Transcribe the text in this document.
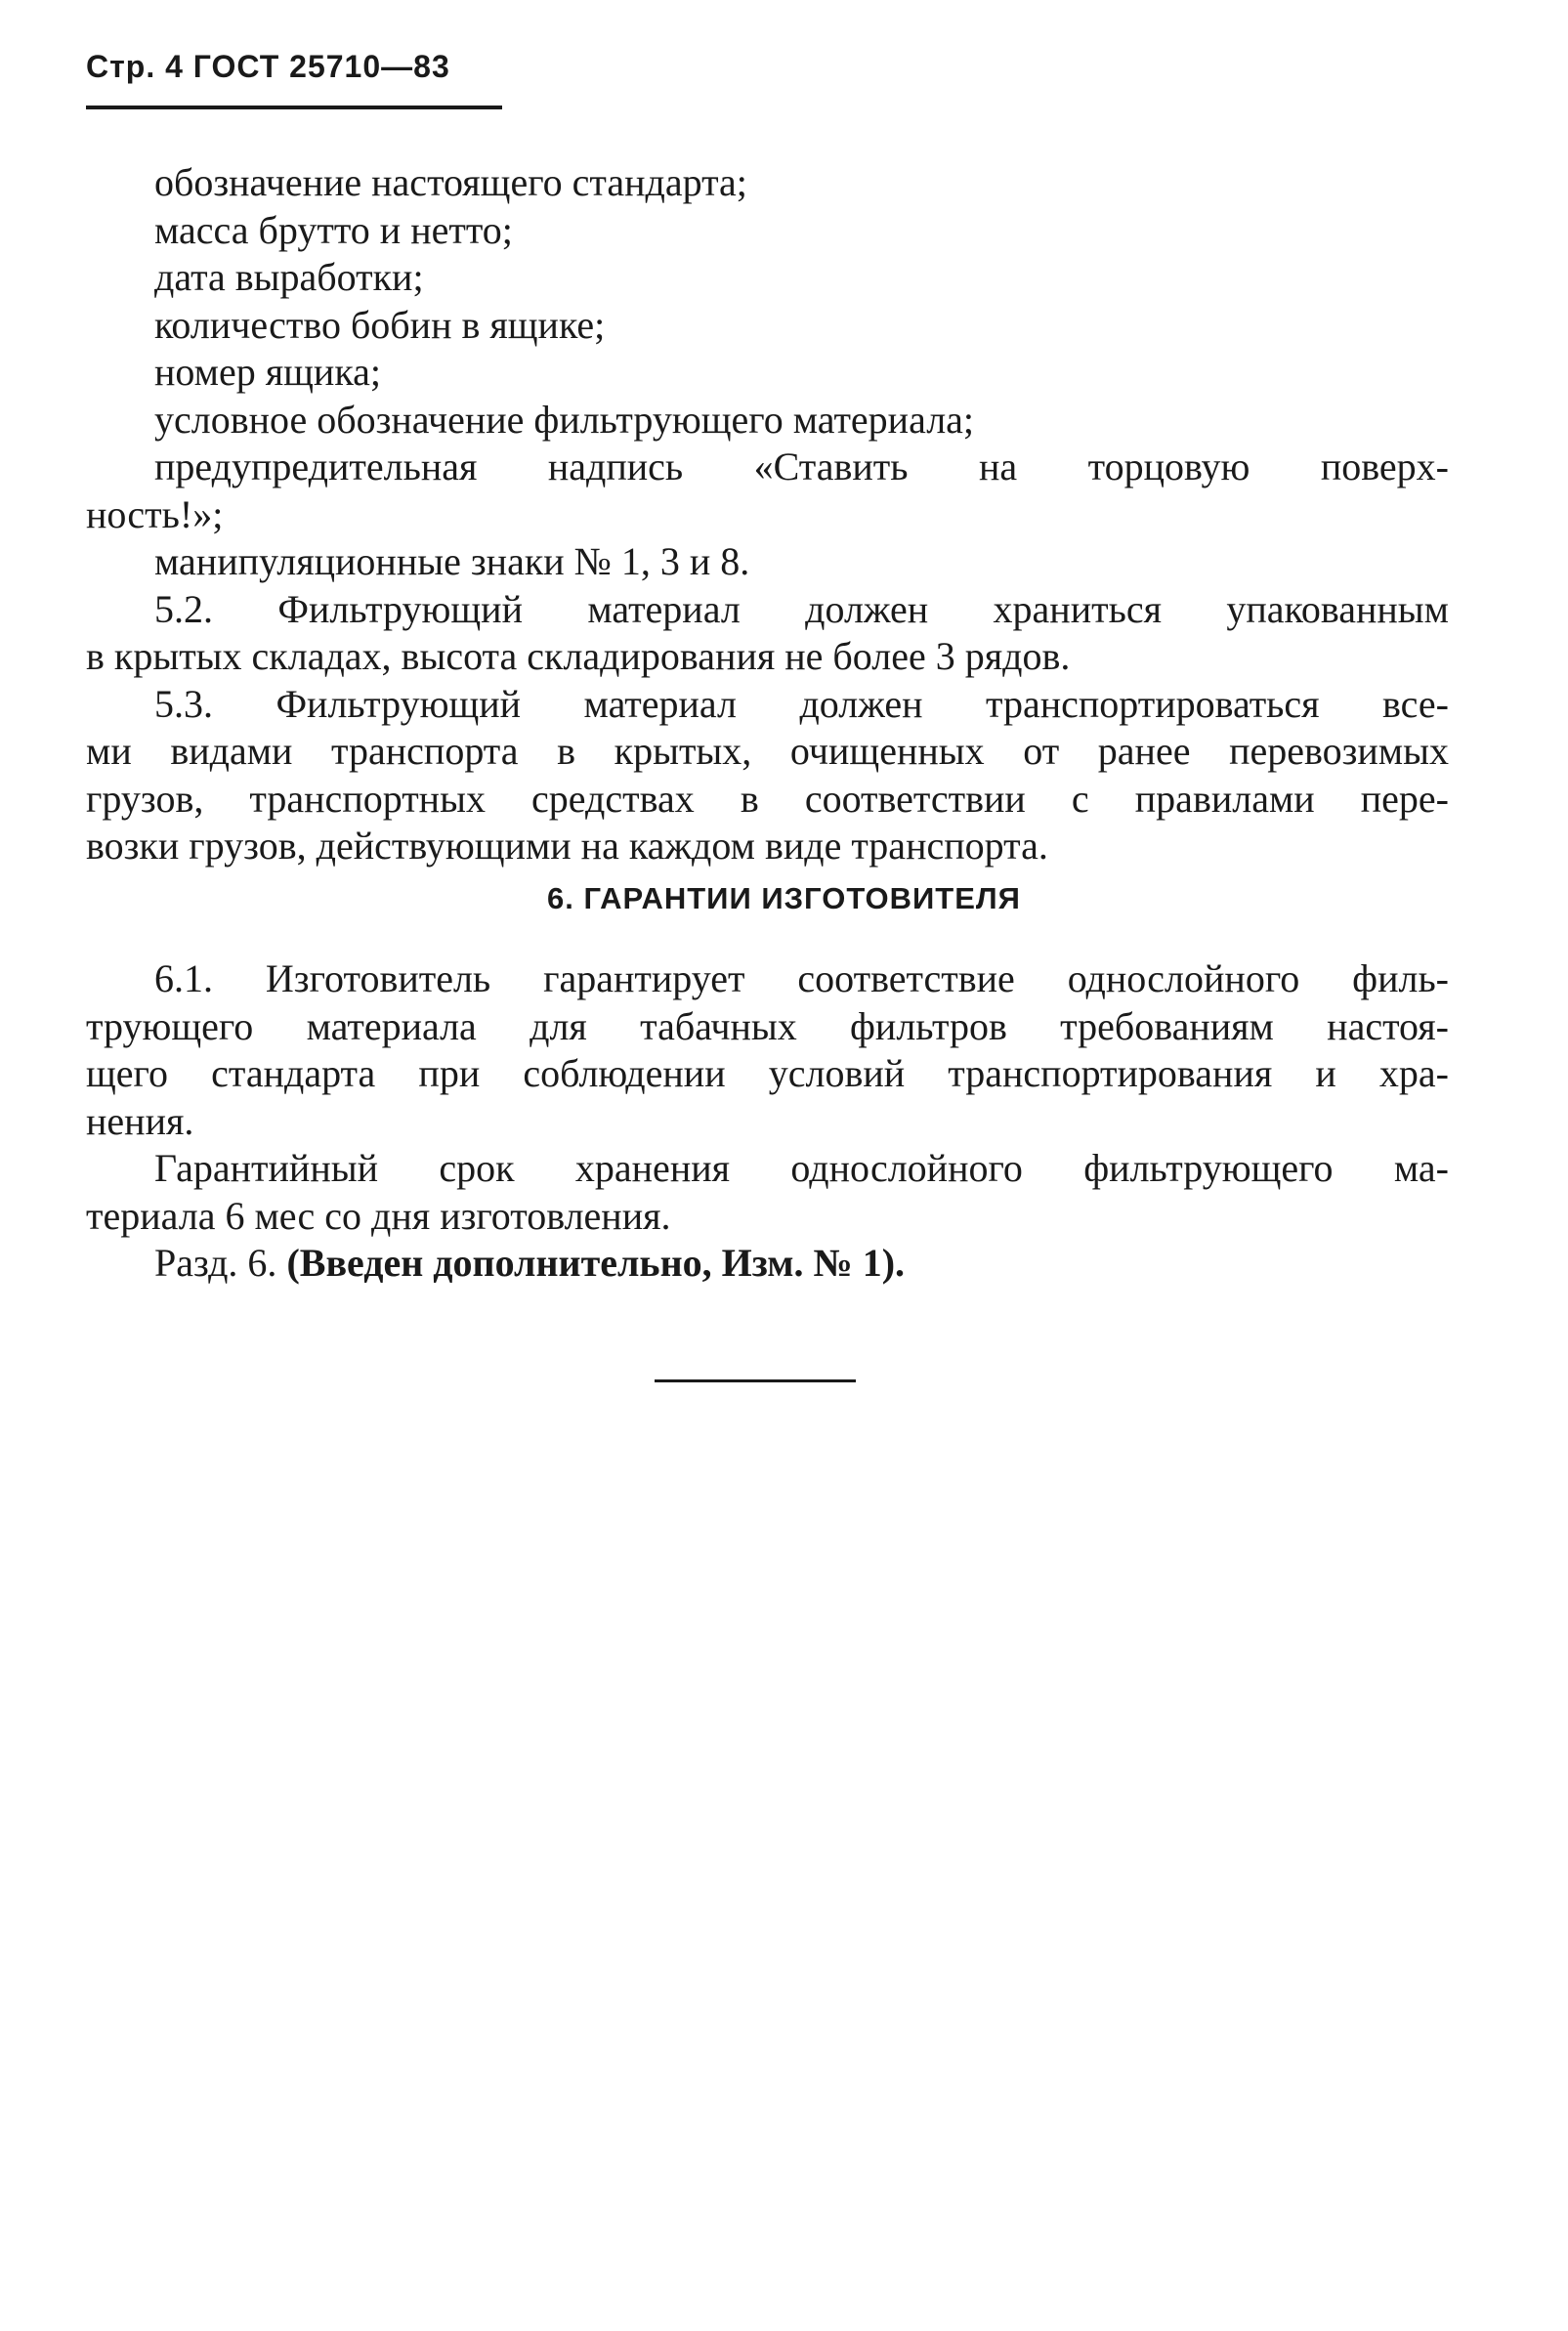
Стр. 4 ГОСТ 25710—83
обозначение настоящего стандарта;
масса брутто и нетто;
дата выработки;
количество бобин в ящике;
номер ящика;
условное обозначение фильтрующего материала;
предупредительная надпись «Ставить на торцовую поверх-
ность!»;
манипуляционные знаки № 1, 3 и 8.
5.2. Фильтрующий материал должен храниться упакованным
в крытых складах, высота складирования не более 3 рядов.
5.3. Фильтрующий материал должен транспортироваться все-
ми видами транспорта в крытых, очищенных от ранее перевозимых
грузов, транспортных средствах в соответствии с правилами пере-
возки грузов, действующими на каждом виде транспорта.
6. ГАРАНТИИ ИЗГОТОВИТЕЛЯ
6.1. Изготовитель гарантирует соответствие однослойного филь-
трующего материала для табачных фильтров требованиям настоя-
щего стандарта при соблюдении условий транспортирования и хра-
нения.
Гарантийный срок хранения однослойного фильтрующего ма-
териала 6 мес со дня изготовления.
Разд. 6. (Введен дополнительно, Изм. № 1).
